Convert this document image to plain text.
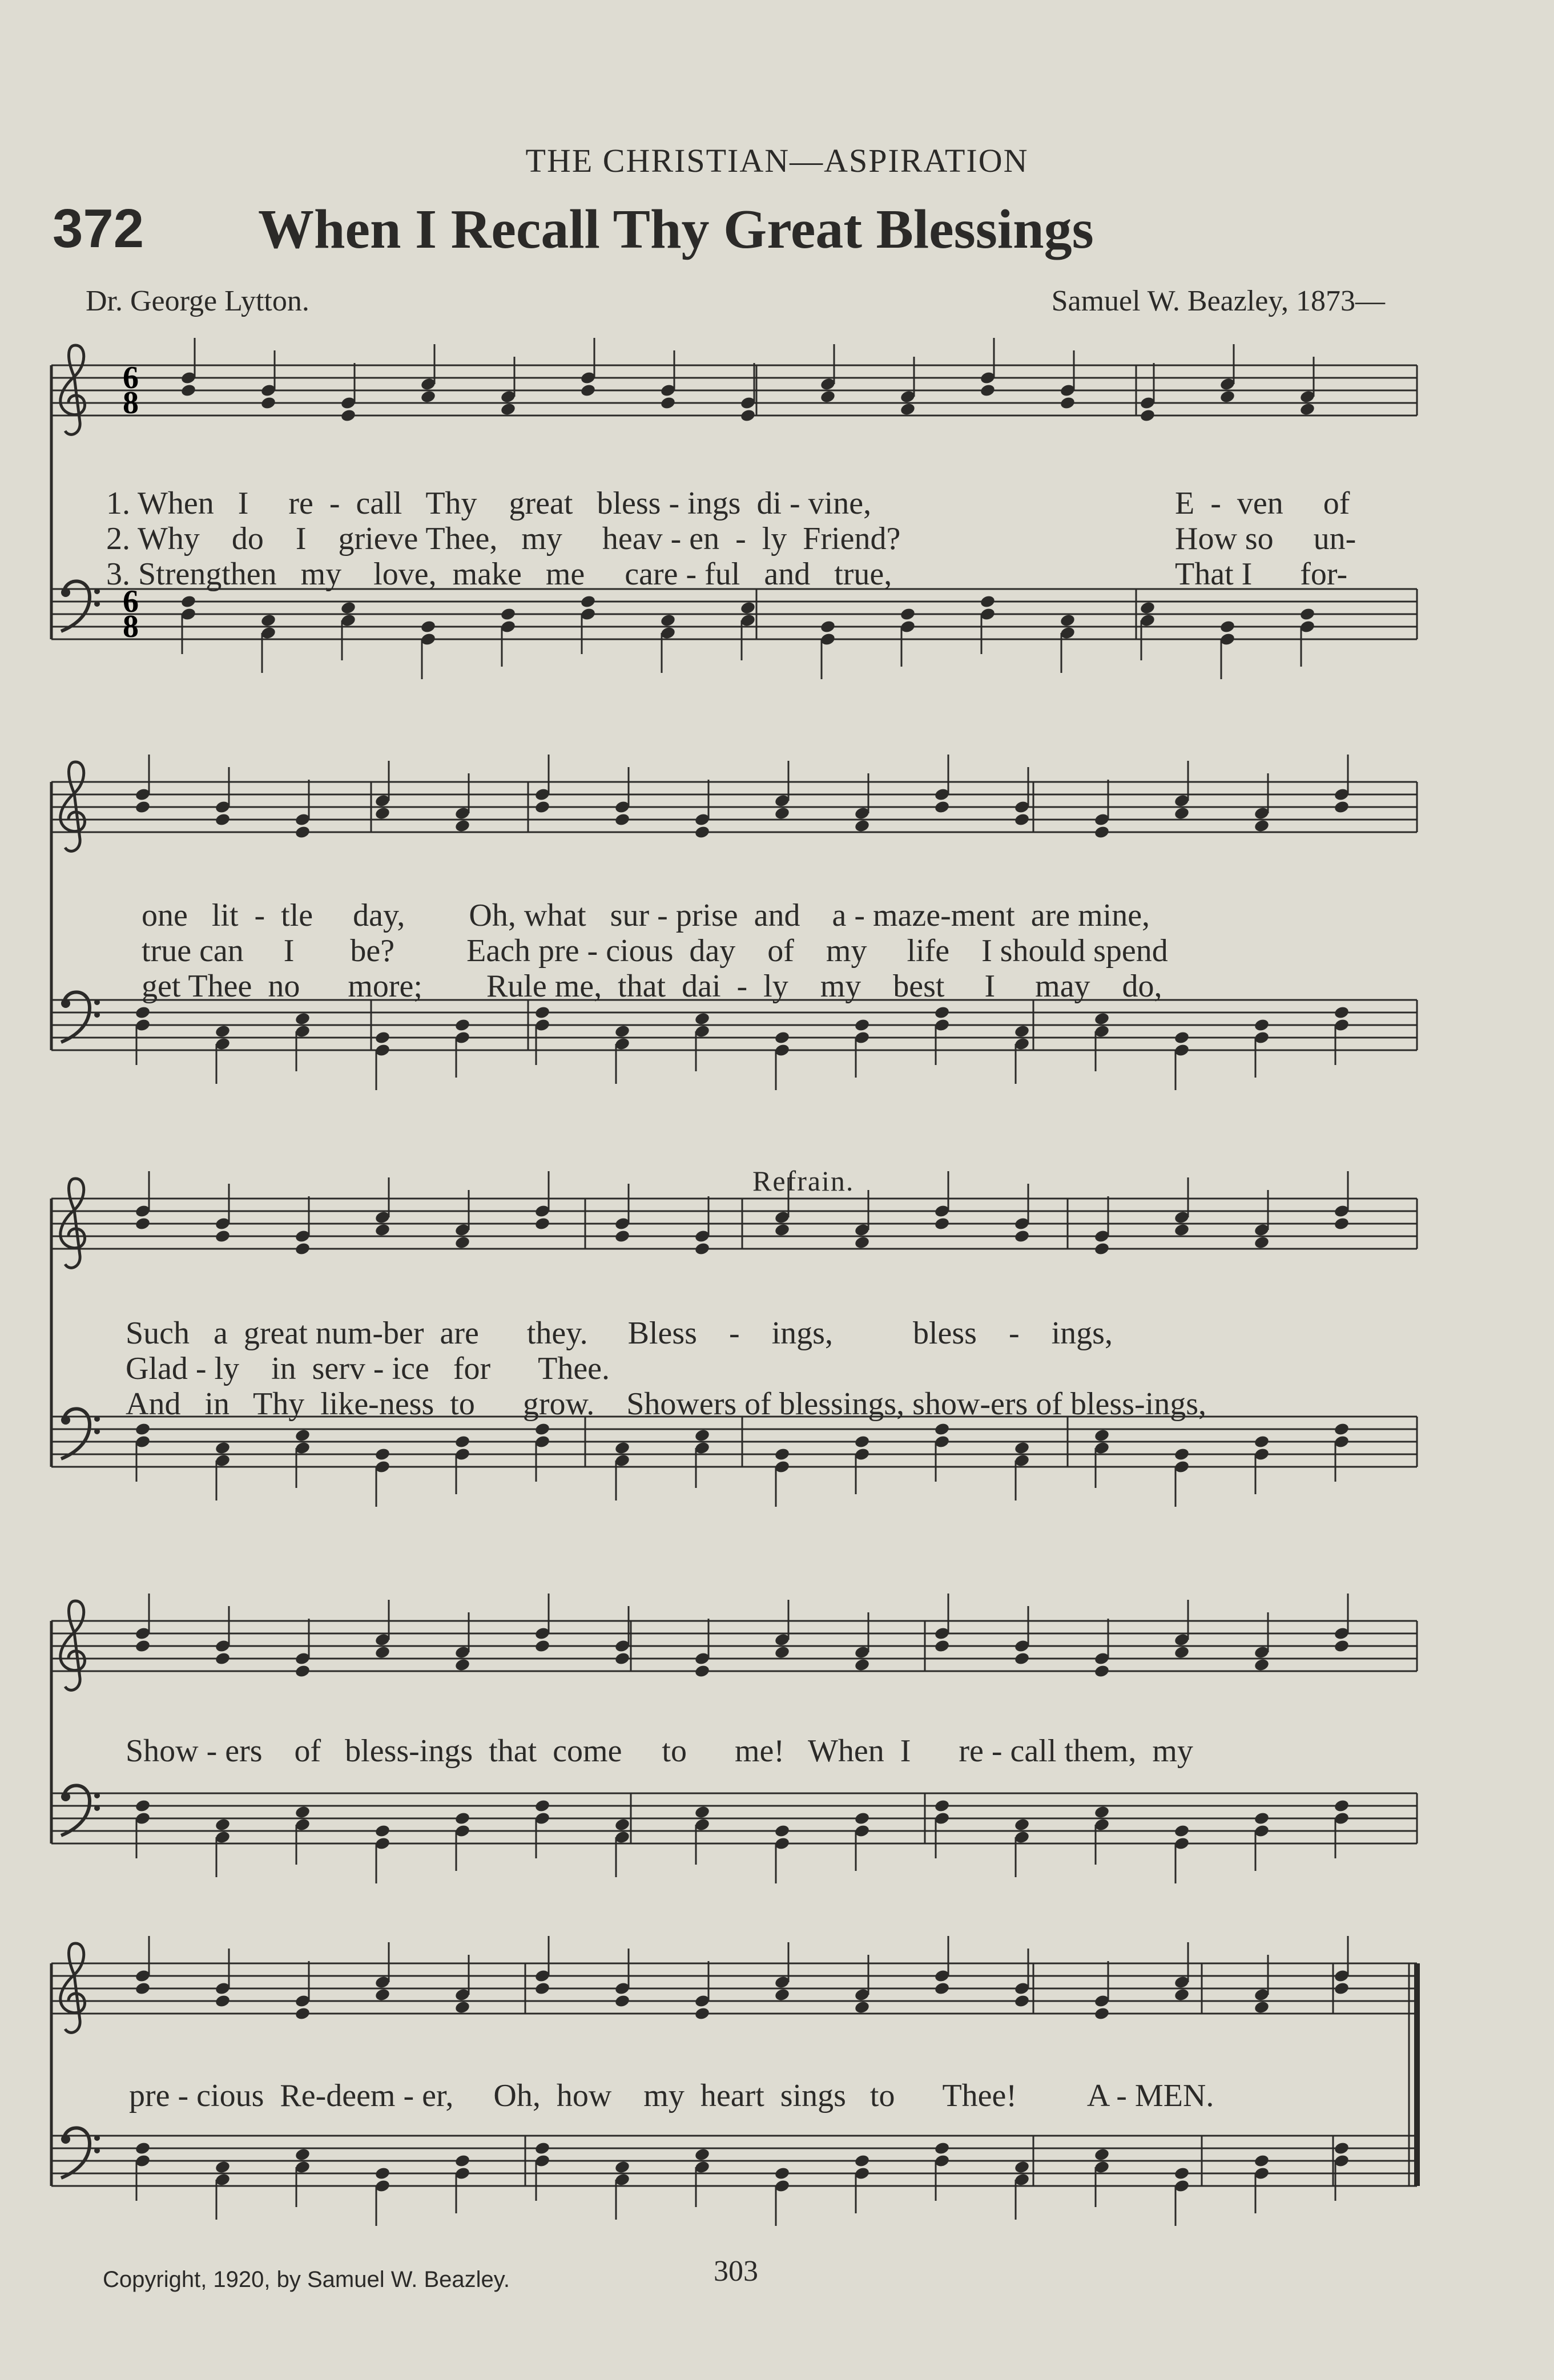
THE CHRISTIAN—ASPIRATION
372 When I Recall Thy Great Blessings
Dr. George Lytton.	Samuel W. Beazley, 1873—
6
8
6
8
1. When   I     re  -  call   Thy    great   bless - ings  di - vine,
2. Why    do    I    grieve Thee,   my     heav - en  -  ly  Friend?
3. Strengthen   my    love,  make   me     care - ful   and   true,
E  -  ven     of
How so     un-
That I      for-
one   lit  -  tle     day,        Oh, what   sur - prise  and    a - maze-ment  are mine,
true can     I       be?         Each pre - cious  day    of    my     life    I should spend
get Thee  no      more;        Rule me,  that  dai  -  ly    my    best     I     may    do,
Refrain.
Such   a  great num-ber  are      they.     Bless    -    ings,          bless    -    ings,
Glad - ly    in  serv - ice   for      Thee.
And   in   Thy  like-ness  to      grow.    Showers of blessings, show-ers of bless-ings,
Show - ers    of   bless-ings  that  come     to      me!   When  I      re - call them,  my
pre - cious  Re-deem - er,     Oh,  how    my  heart  sings   to      Thee!         A - MEN.
Copyright, 1920, by Samuel W. Beazley.	303
